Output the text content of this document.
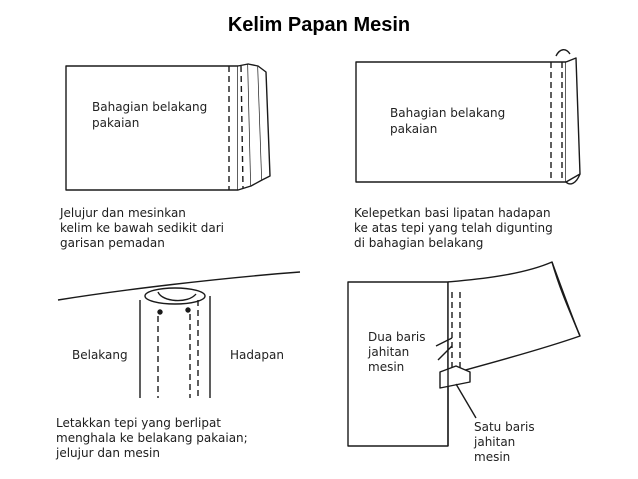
Kelim Papan Mesin
Bahagian belakang
pakaian
Jelujur dan mesinkan
kelim ke bawah sedikit dari
garisan pemadan
Bahagian belakang
pakaian
Kelepetkan basi lipatan hadapan
ke atas tepi yang telah digunting
di bahagian belakang
Belakang	Hadapan
Letakkan tepi yang berlipat
menghala ke belakang pakaian;
jelujur dan mesin
Dua baris
jahitan
mesin
Satu baris
jahitan
mesin
